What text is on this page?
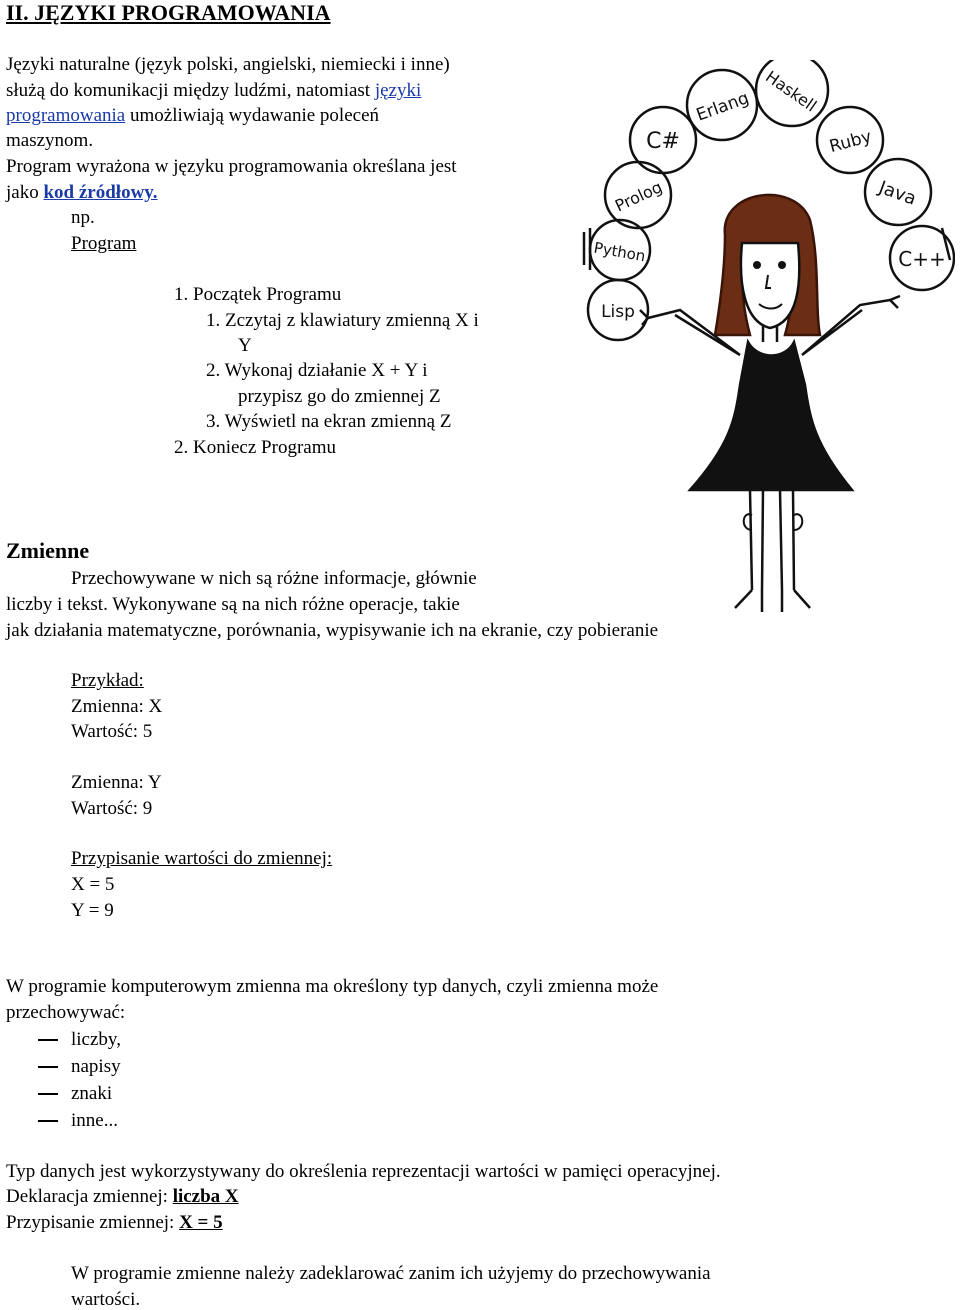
II. JĘZYKI PROGRAMOWANIA
Języki naturalne (język polski, angielski, niemiecki i inne)
służą do komunikacji między ludźmi, natomiast języki
programowania umożliwiają wydawanie poleceń
maszynom.
Program wyrażona w języku programowania określana jest
jako kod źródłowy.
np.
Program
1. Początek Programu
1. Zczytaj z klawiatury zmienną X i
Y
2. Wykonaj działanie X + Y i
przypisz go do zmiennej Z
3. Wyświetl na ekran zmienną Z
2. Koniecz Programu
Erlang Haskell
C#	Ruby
Prolog	Java
Python	C++
Lisp
Zmienne
Przechowywane w nich są różne informacje, głównie
liczby i tekst. Wykonywane są na nich różne operacje, takie
jak działania matematyczne, porównania, wypisywanie ich na ekranie, czy pobieranie
Przykład:
Zmienna: X
Wartość: 5
Zmienna: Y
Wartość: 9
Przypisanie wartości do zmiennej:
X = 5
Y = 9
W programie komputerowym zmienna ma określony typ danych, czyli zmienna może
przechowywać:
liczby,
napisy
znaki
inne...
Typ danych jest wykorzystywany do określenia reprezentacji wartości w pamięci operacyjnej.
Deklaracja zmiennej: liczba X
Przypisanie zmiennej: X = 5
W programie zmienne należy zadeklarować zanim ich użyjemy do przechowywania
wartości.
